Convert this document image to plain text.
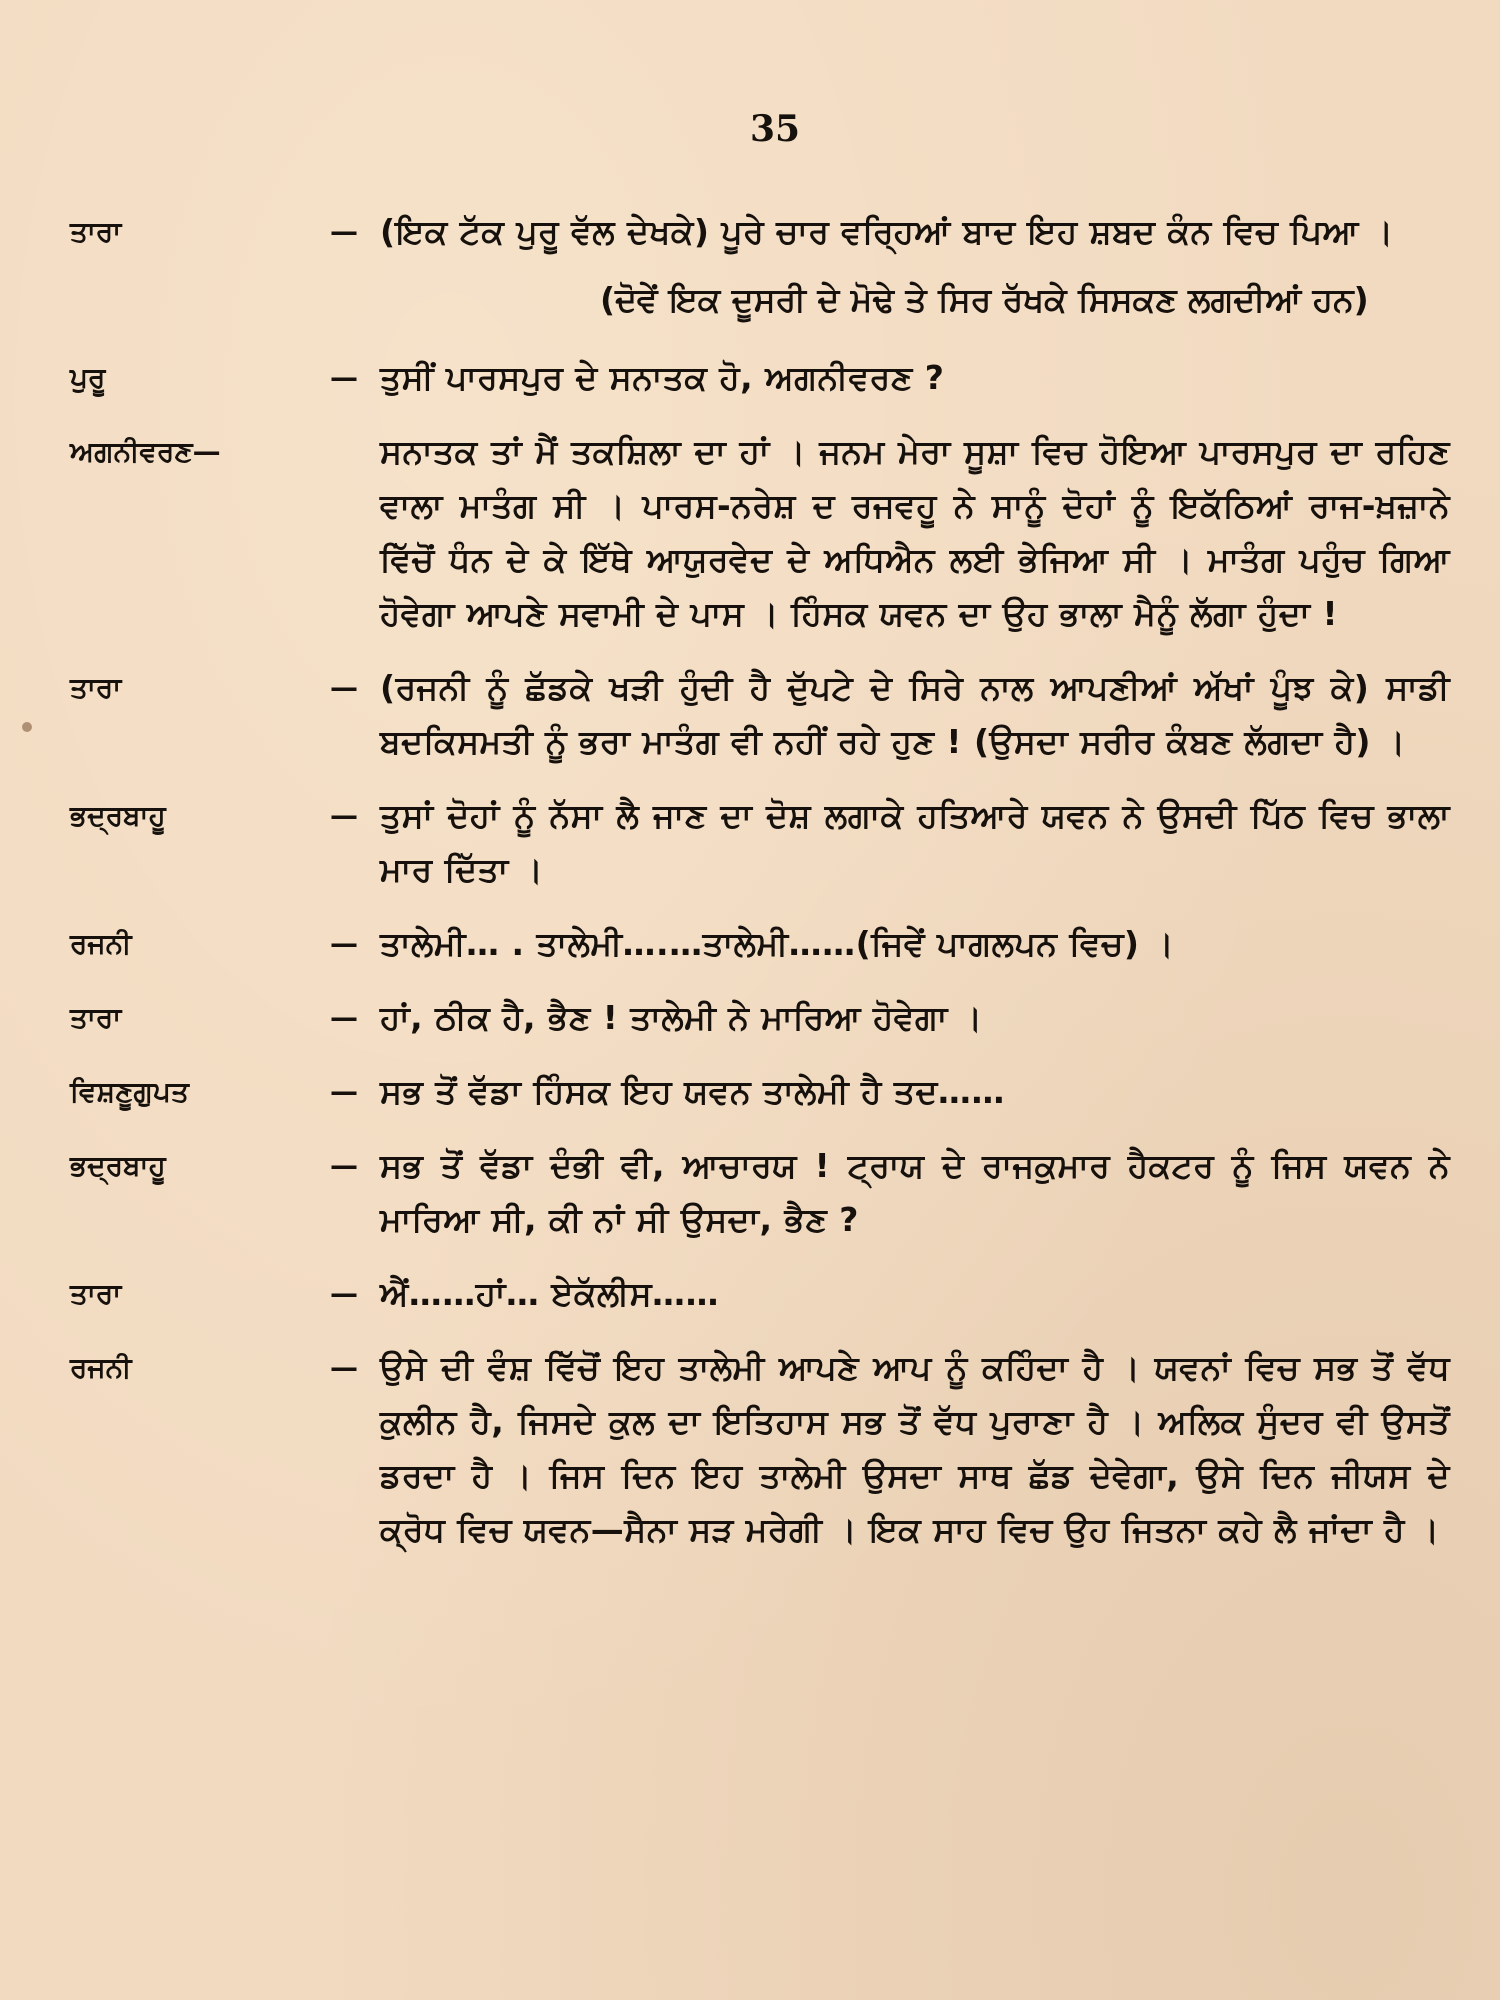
35
ਤਾਰਾ	— (ਇਕ ਟੱਕ ਪੁਰੂ ਵੱਲ ਦੇਖਕੇ) ਪੂਰੇ ਚਾਰ ਵਰ੍ਹਿਆਂ ਬਾਦ ਇਹ ਸ਼ਬਦ ਕੰਨ ਵਿਚ ਪਿਆ ।
(ਦੋਵੇਂ ਇਕ ਦੂਸਰੀ ਦੇ ਮੋਢੇ ਤੇ ਸਿਰ ਰੱਖਕੇ ਸਿਸਕਣ ਲਗਦੀਆਂ ਹਨ)
ਪੁਰੂ	— ਤੁਸੀਂ ਪਾਰਸਪੁਰ ਦੇ ਸਨਾਤਕ ਹੋ, ਅਗਨੀਵਰਣ ?
ਅਗਨੀਵਰਣ—	ਸਨਾਤਕ ਤਾਂ ਮੈਂ ਤਕਸ਼ਿਲਾ ਦਾ ਹਾਂ । ਜਨਮ ਮੇਰਾ ਸੂਸ਼ਾ ਵਿਚ ਹੋਇਆ ਪਾਰਸਪੁਰ ਦਾ ਰਹਿਣ ਵਾਲਾ ਮਾਤੰਗ ਸੀ । ਪਾਰਸ-ਨਰੇਸ਼ ਦ ਰਜਵਹੂ ਨੇ ਸਾਨੂੰ ਦੋਹਾਂ ਨੂੰ ਇਕੱਠਿਆਂ ਰਾਜ-ਖ਼ਜ਼ਾਨੇ ਵਿੱਚੋਂ ਧੰਨ ਦੇ ਕੇ ਇੱਥੇ ਆਯੁਰਵੇਦ ਦੇ ਅਧਿਐਨ ਲਈ ਭੇਜਿਆ ਸੀ । ਮਾਤੰਗ ਪਹੁੰਚ ਗਿਆ ਹੋਵੇਗਾ ਆਪਣੇ ਸਵਾਮੀ ਦੇ ਪਾਸ । ਹਿੰਸਕ ਯਵਨ ਦਾ ਉਹ ਭਾਲਾ ਮੈਨੂੰ ਲੱਗਾ ਹੁੰਦਾ !
ਤਾਰਾ	— (ਰਜਨੀ ਨੂੰ ਛੱਡਕੇ ਖੜੀ ਹੁੰਦੀ ਹੈ ਦੁੱਪਟੇ ਦੇ ਸਿਰੇ ਨਾਲ ਆਪਣੀਆਂ ਅੱਖਾਂ ਪੂੰਝ ਕੇ) ਸਾਡੀ ਬਦਕਿਸਮਤੀ ਨੂੰ ਭਰਾ ਮਾਤੰਗ ਵੀ ਨਹੀਂ ਰਹੇ ਹੁਣ ! (ਉਸਦਾ ਸਰੀਰ ਕੰਬਣ ਲੱਗਦਾ ਹੈ) ।
ਭਦ੍ਰਬਾਹੂ	— ਤੁਸਾਂ ਦੋਹਾਂ ਨੂੰ ਨੱਸਾ ਲੈ ਜਾਣ ਦਾ ਦੋਸ਼ ਲਗਾਕੇ ਹਤਿਆਰੇ ਯਵਨ ਨੇ ਉਸਦੀ ਪਿੱਠ ਵਿਚ ਭਾਲਾ ਮਾਰ ਦਿੱਤਾ ।
ਰਜਨੀ	— ਤਾਲੇਮੀ… . ਤਾਲੇਮੀ….…ਤਾਲੇਮੀ……(ਜਿਵੇਂ ਪਾਗਲਪਨ ਵਿਚ) ।
ਤਾਰਾ	— ਹਾਂ, ਠੀਕ ਹੈ, ਭੈਣ ! ਤਾਲੇਮੀ ਨੇ ਮਾਰਿਆ ਹੋਵੇਗਾ ।
ਵਿਸ਼ਣੂਗੁਪਤ	— ਸਭ ਤੋਂ ਵੱਡਾ ਹਿੰਸਕ ਇਹ ਯਵਨ ਤਾਲੇਮੀ ਹੈ ਤਦ……
ਭਦ੍ਰਬਾਹੂ	— ਸਭ ਤੋਂ ਵੱਡਾ ਦੰਭੀ ਵੀ, ਆਚਾਰਯ ! ਟ੍ਰਾਯ ਦੇ ਰਾਜਕੁਮਾਰ ਹੈਕਟਰ ਨੂੰ ਜਿਸ ਯਵਨ ਨੇ ਮਾਰਿਆ ਸੀ, ਕੀ ਨਾਂ ਸੀ ਉਸਦਾ, ਭੈਣ ?
ਤਾਰਾ	— ਐਂ……ਹਾਂ… ਏਕੱਲੀਸ……
ਰਜਨੀ	— ਉਸੇ ਦੀ ਵੰਸ਼ ਵਿੱਚੋਂ ਇਹ ਤਾਲੇਮੀ ਆਪਣੇ ਆਪ ਨੂੰ ਕਹਿੰਦਾ ਹੈ । ਯਵਨਾਂ ਵਿਚ ਸਭ ਤੋਂ ਵੱਧ ਕੁਲੀਨ ਹੈ, ਜਿਸਦੇ ਕੁਲ ਦਾ ਇਤਿਹਾਸ ਸਭ ਤੋਂ ਵੱਧ ਪੁਰਾਣਾ ਹੈ । ਅਲਿਕ ਸੁੰਦਰ ਵੀ ਉਸਤੋਂ ਡਰਦਾ ਹੈ । ਜਿਸ ਦਿਨ ਇਹ ਤਾਲੇਮੀ ਉਸਦਾ ਸਾਥ ਛੱਡ ਦੇਵੇਗਾ, ਉਸੇ ਦਿਨ ਜੀਯਸ ਦੇ ਕ੍ਰੋਧ ਵਿਚ ਯਵਨ—ਸੈਨਾ ਸੜ ਮਰੇਗੀ । ਇਕ ਸਾਹ ਵਿਚ ਉਹ ਜਿਤਨਾ ਕਹੇ ਲੈ ਜਾਂਦਾ ਹੈ ।
